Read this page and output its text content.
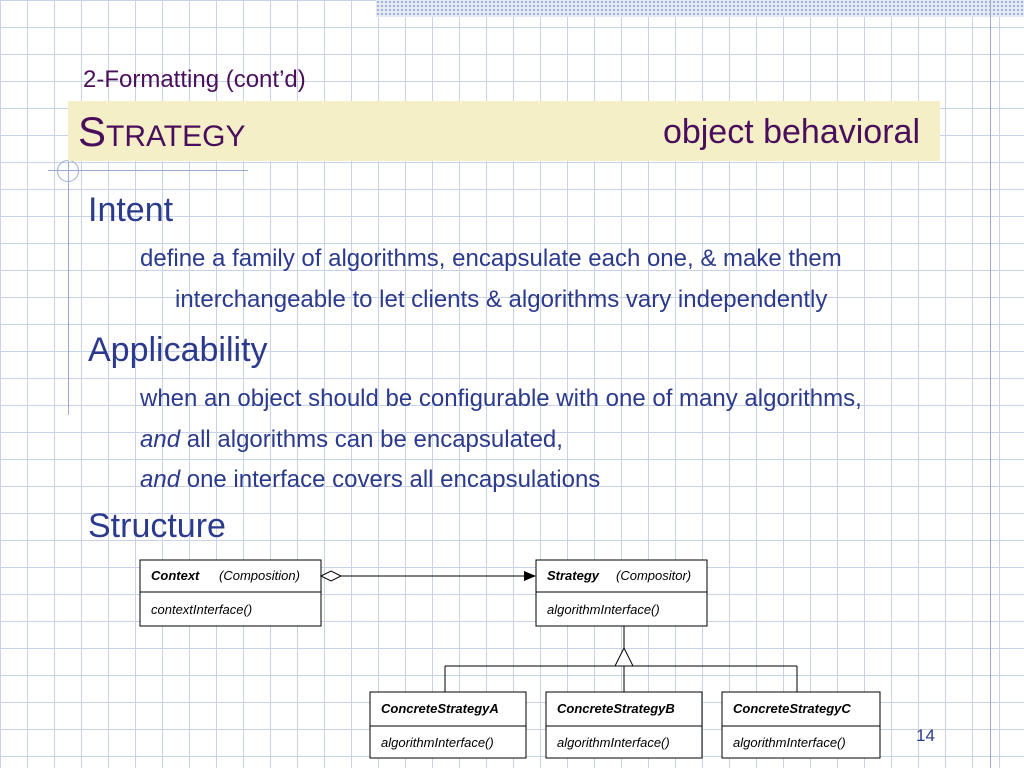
2-Formatting (cont’d)
STRATEGY	object behavioral
Intent
define a family of algorithms, encapsulate each one, & make them
interchangeable to let clients & algorithms vary independently
Applicability
when an object should be configurable with one of many algorithms,
and all algorithms can be encapsulated,
and one interface covers all encapsulations
Structure
Context (Composition)
contextInterface()
Strategy (Compositor)
algorithmInterface()
ConcreteStrategyA
algorithmInterface()
ConcreteStrategyB
algorithmInterface()
ConcreteStrategyC
algorithmInterface()	14
